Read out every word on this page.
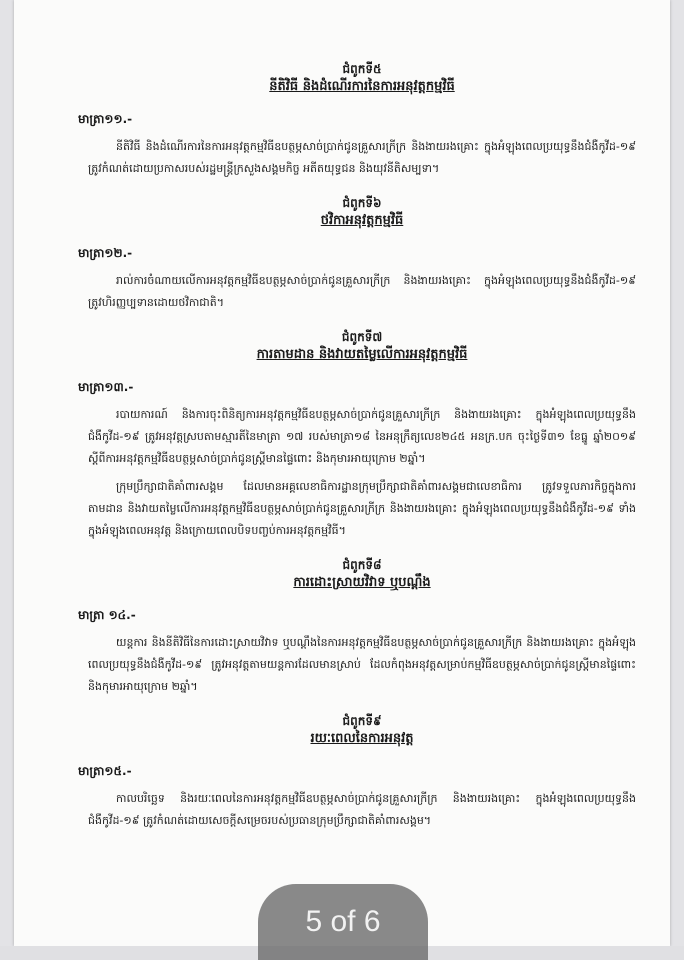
ជំពូកទី៥

នីតិវិធី និងដំណើរការនៃការអនុវត្តកម្មវិធី

មាត្រា១១.-

នីតិវិធី និងដំណើរការនៃការអនុវត្តកម្មវិធីឧបត្ថម្ភសាច់ប្រាក់ជូនគ្រួសារក្រីក្រ និងងាយរងគ្រោះ ក្នុងអំឡុងពេលប្រយុទ្ធនឹងជំងឺកូវីដ-១៩ ត្រូវកំណត់ដោយប្រកាសរបស់រដ្ឋមន្ត្រីក្រសួងសង្គមកិច្ច អតីតយុទ្ធជន និងយុវនីតិសម្បទា។

ជំពូកទី៦

ថវិកាអនុវត្តកម្មវិធី

មាត្រា១២.-

រាល់ការចំណាយលើការអនុវត្តកម្មវិធីឧបត្ថម្ភសាច់ប្រាក់ជូនគ្រួសារក្រីក្រ និងងាយរងគ្រោះ ក្នុងអំឡុងពេលប្រយុទ្ធនឹងជំងឺកូវីដ-១៩ ត្រូវហិរញ្ញប្បទានដោយថវិកាជាតិ។

ជំពូកទី៧

ការតាមដាន និងវាយតម្លៃលើការអនុវត្តកម្មវិធី

មាត្រា១៣.-

របាយការណ៍ និងការចុះពិនិត្យការអនុវត្តកម្មវិធីឧបត្ថម្ភសាច់ប្រាក់ជូនគ្រួសារក្រីក្រ និងងាយរងគ្រោះ ក្នុងអំឡុងពេលប្រយុទ្ធនឹងជំងឺកូវីដ-១៩ ត្រូវអនុវត្តស្របតាមស្មារតីនៃមាត្រា ១៧ របស់មាត្រា១៨ នៃអនុក្រឹត្យលេខ២៤៥ អនក្រ.បក ចុះថ្ងៃទី៣១ ខែធ្នូ ឆ្នាំ២០១៩ ស្ដីពីការអនុវត្តកម្មវិធីឧបត្ថម្ភសាច់ប្រាក់ជូនស្ត្រីមានផ្ទៃពោះ និងកុមារអាយុក្រោម ២ឆ្នាំ។

ក្រុមប្រឹក្សាជាតិគាំពារសង្គម ដែលមានអគ្គលេខាធិការដ្ឋានក្រុមប្រឹក្សាជាតិគាំពារសង្គមជាលេខាធិការ ត្រូវទទួលភារកិច្ចក្នុងការតាមដាន និងវាយតម្លៃលើការអនុវត្តកម្មវិធីឧបត្ថម្ភសាច់ប្រាក់ជូនគ្រួសារក្រីក្រ និងងាយរងគ្រោះ ក្នុងអំឡុងពេលប្រយុទ្ធនឹងជំងឺកូវីដ-១៩ ទាំងក្នុងអំឡុងពេលអនុវត្ត និងក្រោយពេលបិទបញ្ចប់ការអនុវត្តកម្មវិធី។

ជំពូកទី៨

ការដោះស្រាយវិវាទ ឬបណ្ដឹង

មាត្រា ១៤.-

យន្តការ និងនីតិវិធីនៃការដោះស្រាយវិវាទ ឬបណ្ដឹងនៃការអនុវត្តកម្មវិធីឧបត្ថម្ភសាច់ប្រាក់ជូនគ្រួសារក្រីក្រ និងងាយរងគ្រោះ ក្នុងអំឡុងពេលប្រយុទ្ធនឹងជំងឺកូវីដ-១៩ ត្រូវអនុវត្តតាមយន្តការដែលមានស្រាប់ ដែលកំពុងអនុវត្តសម្រាប់កម្មវិធីឧបត្ថម្ភសាច់ប្រាក់ជូនស្ត្រីមានផ្ទៃពោះ និងកុមារអាយុក្រោម ២ឆ្នាំ។

ជំពូកទី៩

រយៈពេលនៃការអនុវត្ត

មាត្រា១៥.-

កាលបរិច្ឆេទ និងរយៈពេលនៃការអនុវត្តកម្មវិធីឧបត្ថម្ភសាច់ប្រាក់ជូនគ្រួសារក្រីក្រ និងងាយរងគ្រោះ ក្នុងអំឡុងពេលប្រយុទ្ធនឹងជំងឺកូវីដ-១៩ ត្រូវកំណត់ដោយសេចក្ដីសម្រេចរបស់ប្រធានក្រុមប្រឹក្សាជាតិគាំពារសង្គម។

5 of 6
